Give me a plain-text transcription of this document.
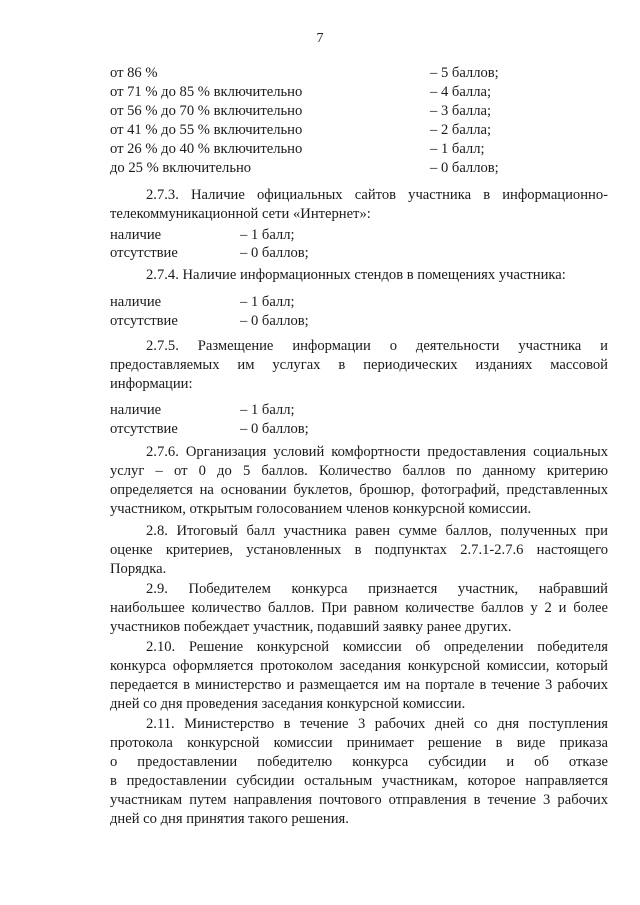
7
от 86 %	– 5 баллов;
от 71 % до 85 % включительно	– 4 балла;
от 56 % до 70 % включительно	– 3 балла;
от 41 % до 55 % включительно	– 2 балла;
от 26 % до 40 % включительно	– 1 балл;
до 25 % включительно	– 0 баллов;
2.7.3. Наличие официальных сайтов участника в информационно-
телекоммуникационной сети «Интернет»:
наличие	– 1 балл;
отсутствие	– 0 баллов;
2.7.4. Наличие информационных стендов в помещениях участника:
наличие	– 1 балл;
отсутствие	– 0 баллов;
2.7.5. Размещение информации о деятельности участника и
предоставляемых им услугах в периодических изданиях массовой
информации:
наличие	– 1 балл;
отсутствие	– 0 баллов;
2.7.6. Организация условий комфортности предоставления социальных
услуг – от 0 до 5 баллов. Количество баллов по данному критерию
определяется на основании буклетов, брошюр, фотографий, представленных
участником, открытым голосованием членов конкурсной комиссии.
2.8. Итоговый балл участника равен сумме баллов, полученных при
оценке критериев, установленных в подпунктах 2.7.1-2.7.6 настоящего
Порядка.
2.9. Победителем конкурса признается участник, набравший
наибольшее количество баллов. При равном количестве баллов у 2 и более
участников побеждает участник, подавший заявку ранее других.
2.10. Решение конкурсной комиссии об определении победителя
конкурса оформляется протоколом заседания конкурсной комиссии, который
передается в министерство и размещается им на портале в течение 3 рабочих
дней со дня проведения заседания конкурсной комиссии.
2.11. Министерство в течение 3 рабочих дней со дня поступления
протокола конкурсной комиссии принимает решение в виде приказа
о предоставлении победителю конкурса субсидии и об отказе
в предоставлении субсидии остальным участникам, которое направляется
участникам путем направления почтового отправления в течение 3 рабочих
дней со дня принятия такого решения.
